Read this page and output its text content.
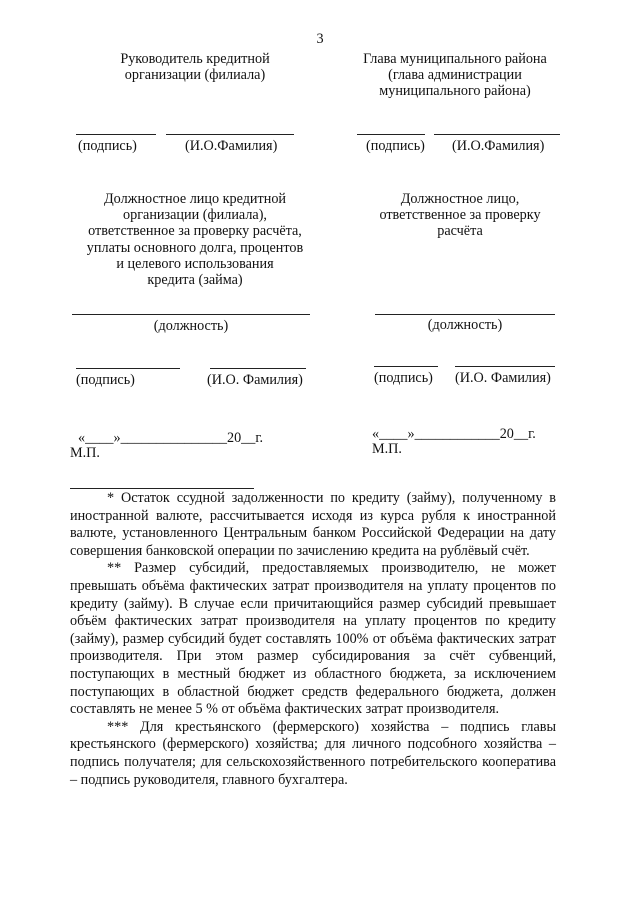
3
Руководитель кредитной
организации (филиала)
Глава муниципального района
(глава администрации
муниципального района)
(подпись)	(И.О.Фамилия)	(подпись) (И.О.Фамилия)
Должностное лицо кредитной
организации (филиала),
ответственное за проверку расчёта,
уплаты основного долга, процентов
и целевого использования
кредита (займа)
Должностное лицо,
ответственное за проверку
расчёта
(должность)	(должность)
(подпись)	(И.О. Фамилия)	(подпись) (И.О. Фамилия)
«____»_______________20__г.
М.П.
«____»____________20__г.
М.П.

* Остаток ссудной задолженности по кредиту (займу), полученному в иностранной валюте, рассчитывается исходя из курса рубля к иностранной валюте, установленного Центральным банком Российской Федерации на дату совершения банковской операции по зачислению кредита на рублёвый счёт.

** Размер субсидий, предоставляемых производителю, не может превышать объёма фактических затрат производителя на уплату процентов по кредиту (займу). В случае если причитающийся размер субсидий превышает объём фактических затрат производителя на уплату процентов по кредиту (займу), размер субсидий будет составлять 100% от объёма фактических затрат производителя. При этом размер субсидирования за счёт субвенций, поступающих в местный бюджет из областного бюджета, за исключением поступающих в областной бюджет средств федерального бюджета, должен составлять не менее 5 % от объёма фактических затрат производителя.

*** Для крестьянского (фермерского) хозяйства – подпись главы крестьянского (фермерского) хозяйства; для личного подсобного хозяйства – подпись получателя; для сельскохозяйственного потребительского кооператива – подпись руководителя, главного бухгалтера.
